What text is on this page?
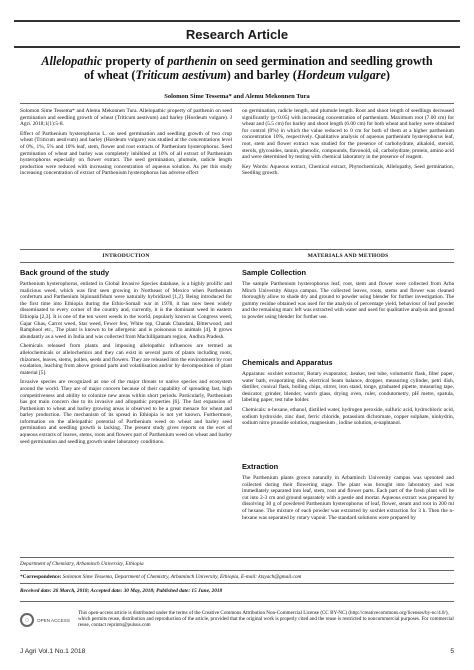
Research Article
Allelopathic property of parthenin on seed germination and seedling growth
of wheat (Triticum aestivum) and barley (Hordeum vulgare)
Solomon Sime Tessema* and Alemu Mekonnen Tura

Solomon Sime Tessema* and Alemu Mekonnen Tura. Allelopathic property of parthenin on seed germination and seedling growth of wheat (Triticum aestivum) and barley (Hordeum vulgare). J Agri. 2018;1(1):5-8.

Effect of Parthenium hysterophorus L. on seed germination and seedling growth of two crop wheat (Triticum aestivum) and barley (Hordeum vulgare) was studied at the concentrations level of 0%, 1%, 5% and 10% leaf, stem, flower and root extracts of Parthenium hysterophorus. Seed germination of wheat and barley was completely inhibited at 10% of all extract of Parthenium hysterophorus especially on flower extract. The seed germination, plumule, radicle length production were reduced with increasing concentration of aqueous solution. As per this study increasing concentration of extract of Parthenium hysterophorus has adverse effect

on germination, radicle length, and plumule length. Root and shoot length of seedlings decreased significantly (p<0.05) with increasing concentration of parthenium. Maximum root (7.00 cm) for wheat and (5.5 cm) for barley and shoot length (6.00 cm) for both wheat and barley were obtained for control (0%) in which the value reduced to 0 cm for both of them at a higher parthenium concentration 10%, respectively. Qualitative analysis of aqueous parthenium hysterophorus leaf, root, stem and flower extract was studied for the presence of carbohydrate, alkaloid, steroid, sterols, glycosides, tannin, phenolic, compounds, flavonoid, oil, carbohydrate, protein, amino acid and were determined by testing with chemical laboratory in the presence of reagent.

Key Words: Aqueous extract, Chemical extract, Phytochemicals, Allelopathy, Seed germination, Seedling growth.

INTRODUCTION	MATERIALS AND METHODS
Back ground of the study

Parthenium hysterophorus, enlisted in Global Invasive Species database, is a highly prolific and malicious weed, which was first seen growing in Northeast of Mexico when Parthenium confertum and Parthenium bipinnatifidum were naturally hybridized [1,2]. Being introduced for the first time into Ethiopia during the Ethio-Somali war in 1978, it has now been widely disseminated to every corner of the country and, currently, it is the dominant weed in eastern Ethiopia [2,3]. It is one of the ten worst weeds in the world, popularly known as Congress weed, Gajar Ghas, Carrot weed, Star weed, Fewer few, White top, Chatak Chandani, Bitterwood, and Ramphool etc., The plant is known to be allergenic and is poisonous to animals [4]. It grows abundantly as a weed in India and was collected from Machillipatnam region, Andhra Pradesh.

Chemicals released from plants and imposing allelopathic influences are termed as allelochemicals or allelochemics and they can exist in several parts of plants including roots, rhizomes, leaves, stems, pollen, seeds and flowers. They are released into the environment by root exudation, leaching from above ground parts and volatilisation and/or by decomposition of plant material [5].

Invasive species are recognized as one of the major threats to native species and ecosystem around the world. They are of major concern because of their capability of spreading fast, high competitiveness and ability to colonize new areas within short periods. Particularly, Parthenium has got main concern due to its invasive and allopathic properties [6]. The fast expansion of Parthenium to wheat and barley growing areas is observed to be a great menace for wheat and barley production. The mechanism of its spread in Ethiopia is not yet known. Furthermore, information on the allelopathic potential of Parthenium weed on wheat and barley seed germination and seedling growth is lacking. The present study gives reports on the ecet of aqueous extracts of leaves, stems, roots and flowers part of Parthenium weed on wheat and barley seed germination and seedling growth under laboratory conditions.

Sample Collection

The sample Parthenium hysterophorus leaf, root, stem and flower were collected from Arba Minch University Abaya campus. The collected leaves, roots, stems and flower was cleaned thoroughly allow to shade dry and ground to powder using blender for further investigation. The gummy residue obtained was used for the analysis of percentage yield, behaviour of leaf powder and the remaining marc left was extracted with water and used for qualitative analysis and ground to powder using blender for further use.

Chemicals and Apparatus

Apparatus: soxhlet extractor, Rotary evaporator, .beaker, test tube, volumetric flask, filter paper, water bath, evaporating dish, electrical beam balance, dropper, measuring cylinder, petri dish, distiller, conical flask, boiling chips, stirrer, iron stand, tonge, graduated pipette, measuring tape, desicator, grinder, blender, watch glass, drying oven, ruler, condutometry, pH metre, spatula, labeling paper, test tube holder.

Chemicals: n-hexane, ethanol, distilled water, hydrogen peroxide, sulfuric acid, hydrochloric acid, sodium hydroxide, zinc dust, ferric chloride, potassium dichromate, copper sulphate, ninhydrin, sodium nitro prusside solution, magnesium , iodine solution, α-naphtanol.

Extraction

The Parthenium plants grown naturally in Arbaminch University campus was uprooted and collected during their flowering stage. The plant was brought into laboratory and was immediately separated into leaf, stem, root and flower parts. Each part of the fresh plant will be cut into 2-3 cm and ground separately with a pestle and mortar. Aqueous extract was prepared by dissolving 30 g of powdered Parthenium hysterophorus of leaf, flower, steam and root in 200 ml of hexane. The mixture of each powder was extracted by soxhlet extraction for 3 h. Then the n-hexane was separated by rotary vapour. The standard solutions were prepared by

Department of Chemistry, Arbaminch University, Ethiopia
*Correspondence: Solomon Sime Tessema, Department of Chemistry, Arbaminch University, Ethiopia, E-mail: ktsyach@gmail.com
Received date: 26 March, 2018; Accepted date: 30 May, 2018; Published date: 15 June, 2018
○	OPEN ACCESS
This open-access article is distributed under the terms of the Creative Commons Attribution Non-Commercial License (CC BY-NC) (http://creativecommons.org/licenses/by-nc/4.0/), which permits reuse, distribution and reproduction of the article, provided that the original work is properly cited and the reuse is restricted to noncommercial purposes. For commercial reuse, contact reprints@pulsus.com
J Agri Vol.1 No.1 2018	5
